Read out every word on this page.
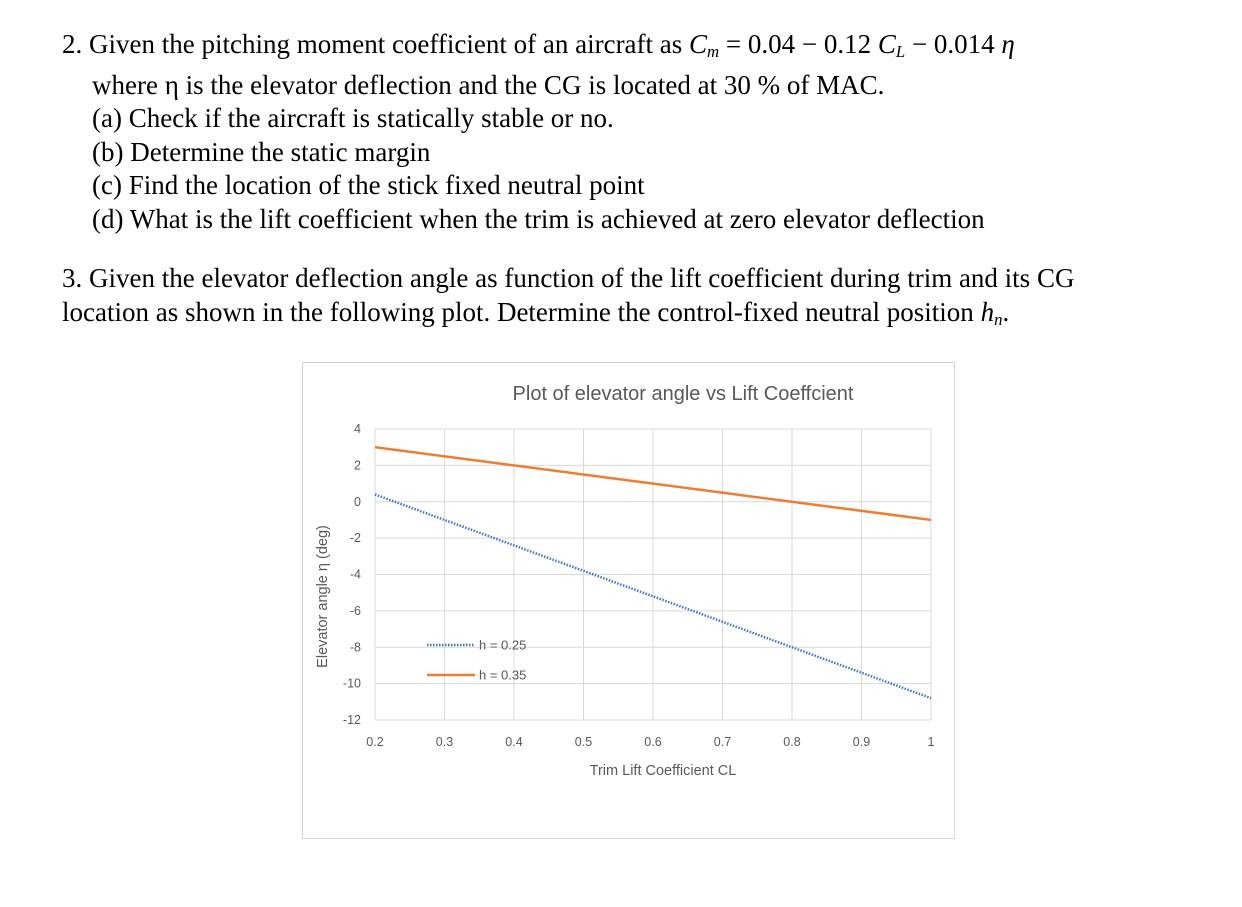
2. Given the pitching moment coefficient of an aircraft as $C_m = 0.04 - 0.12$ $C_L - 0.014$ η
where η is the elevator deflection and the CG is located at 30 % of MAC.
(a) Check if the aircraft is statically stable or no.
(b) Determine the static margin
(c) Find the location of the stick fixed neutral point
(d) What is the lift coefficient when the trim is achieved at zero elevator deflection
3. Given the elevator deflection angle as function of the lift coefficient during trim and its CG
location as shown in the following plot. Determine the control-fixed neutral position $h_n$.
Plot of elevator angle vs Lift Coeffcient
0.2	0.3	0.4	0.5	0.6	0.7	0.8	0.9	1
4
2
0
-2
-4
-6
-8
-10
-12
Trim Lift Coefficient CL
Elevator angle η (deg)	h = 0.25
h = 0.35
